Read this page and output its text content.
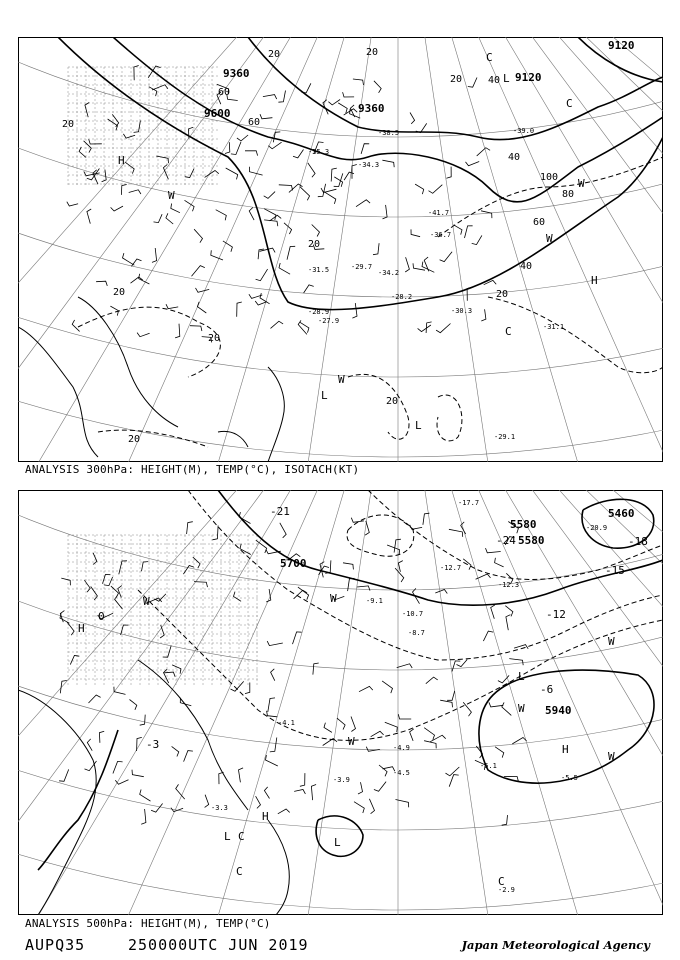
9360
9360
9600
9120
9120
20
20	20
20
20
20
20
20
20
20
40
40
40
60
60
60
80
100
H
H
L
L
C
C
C
W
W
W
W
L
-35.3
-34.3
-38.5
-31.5
-39.0
-41.7
-36.7
-28.9	-30.3
-31.1
-29.1
-27.9
-29.7
-34.2
-28.2
ANALYSIS 300hPa: HEIGHT(M), TEMP(°C), ISOTACH(KT)
5700
5580
5580
5460
5940
-3
-6
-12
-15
-21
-24	-18
0
H
H
H
L	L
L
C
C
C
W
W
W
W
W
W
-12.7
-17.7
-20.9
-9.1
-8.7
-4.5
-3.9	-5.5
-2.9
-5.1
-4.9
-3.3
-4.1
-10.7
-12.3
ANALYSIS 500hPa: HEIGHT(M), TEMP(°C)
AUPQ35	250000UTC JUN 2019	Japan Meteorological Agency
